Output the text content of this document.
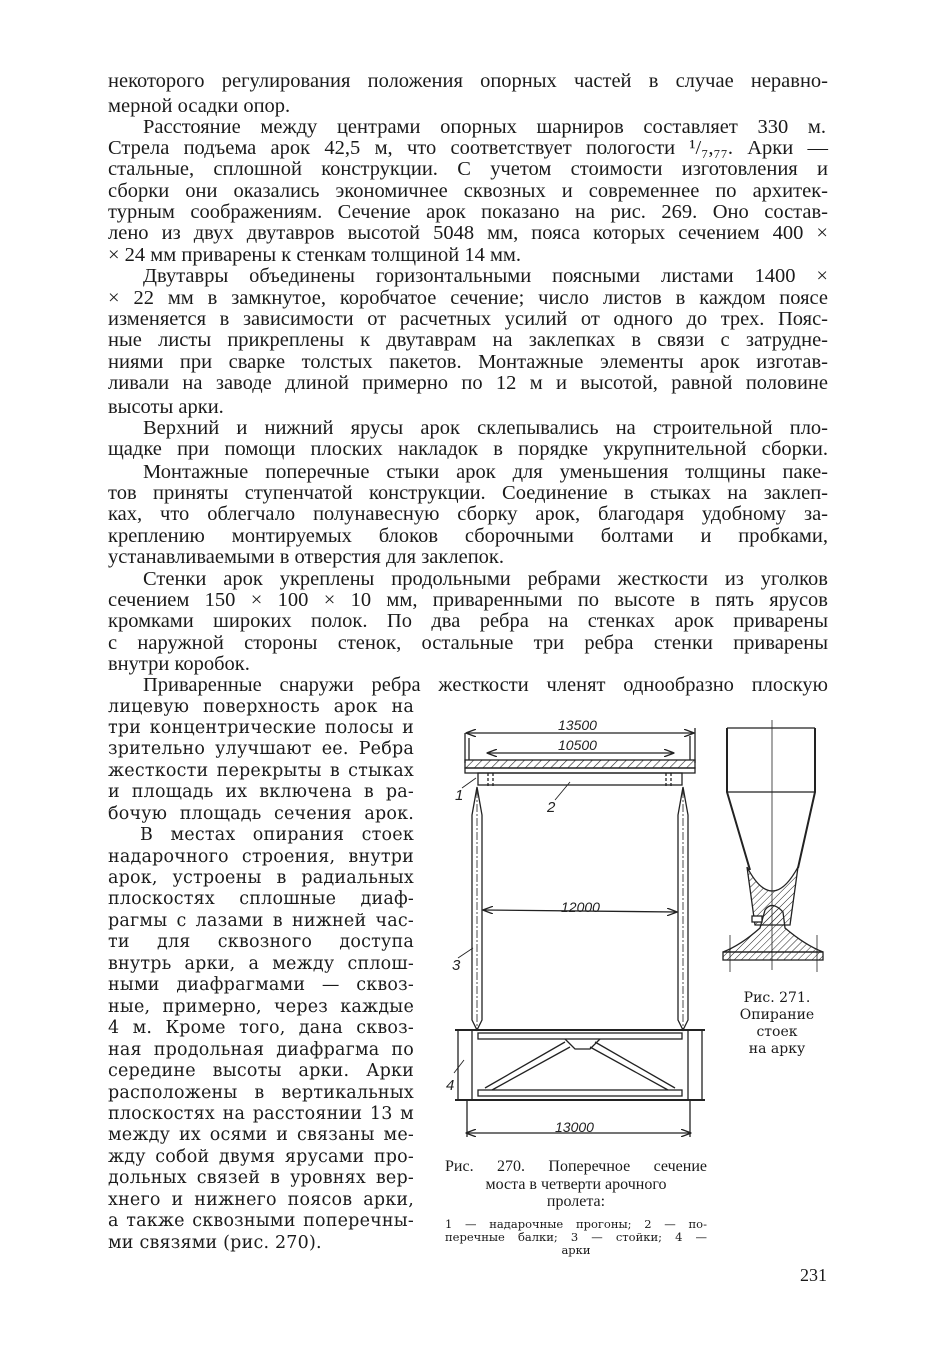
некоторого регулирования положения опорных частей в случае неравно-
мерной осадки опор.
Расстояние между центрами опорных шарниров составляет 330 м.
Стрела подъема арок 42,5 м, что соответствует пологости ¹/₇,₇₇. Арки —
стальные, сплошной конструкции. С учетом стоимости изготовления и
сборки они оказались экономичнее сквозных и современнее по архитек-
турным соображениям. Сечение арок показано на рис. 269. Оно состав-
лено из двух двутавров высотой 5048 мм, пояса которых сечением 400 ×
× 24 мм приварены к стенкам толщиной 14 мм.
Двутавры объединены горизонтальными поясными листами 1400 ×
× 22 мм в замкнутое, коробчатое сечение; число листов в каждом поясе
изменяется в зависимости от расчетных усилий от одного до трех. Пояс-
ные листы прикреплены к двутаврам на заклепках в связи с затрудне-
ниями при сварке толстых пакетов. Монтажные элементы арок изготав-
ливали на заводе длиной примерно по 12 м и высотой, равной половине
высоты арки.
Верхний и нижний ярусы арок склепывались на строительной пло-
щадке при помощи плоских накладок в порядке укрупнительной сборки.
Монтажные поперечные стыки арок для уменьшения толщины паке-
тов приняты ступенчатой конструкции. Соединение в стыках на заклеп-
ках, что облегчало полунавесную сборку арок, благодаря удобному за-
креплению монтируемых блоков сборочными болтами и пробками,
устанавливаемыми в отверстия для заклепок.
Стенки арок укреплены продольными ребрами жесткости из уголков
сечением 150 × 100 × 10 мм, приваренными по высоте в пять ярусов
кромками широких полок. По два ребра на стенках арок приварены
с наружной стороны стенок, остальные три ребра стенки приварены
внутри коробок.
Приваренные снаружи ребра жесткости членят однообразно плоскую
лицевую поверхность арок на
три концентрические полосы и
зрительно улучшают ее. Ребра
жесткости перекрыты в стыках
и площадь их включена в ра-
бочую площадь сечения арок.
В местах опирания стоек
надарочного строения, внутри
арок, устроены в радиальных
плоскостях сплошные диаф-
рагмы с лазами в нижней час-
ти для сквозного доступа
внутрь арки, а между сплош-
ными диафрагмами — сквоз-
ные, примерно, через каждые
4 м. Кроме того, дана сквоз-
ная продольная диафрагма по
середине высоты арки. Арки
расположены в вертикальных
плоскостях на расстоянии 13 м
между их осями и связаны ме-
жду собой двумя ярусами про-
дольных связей в уровнях вер-
хнего и нижнего поясов арки,
а также сквозными поперечны-
ми связями (рис. 270).
13500
10500
12000
13000
1
2
3
4
Рис. 270. Поперечное сечение
моста в четверти арочного
пролета:
1 — надарочные прогоны; 2 — по-
перечные балки; 3 — стойки; 4 —
арки
Рис. 271.
Опирание
стоек
на арку
231
